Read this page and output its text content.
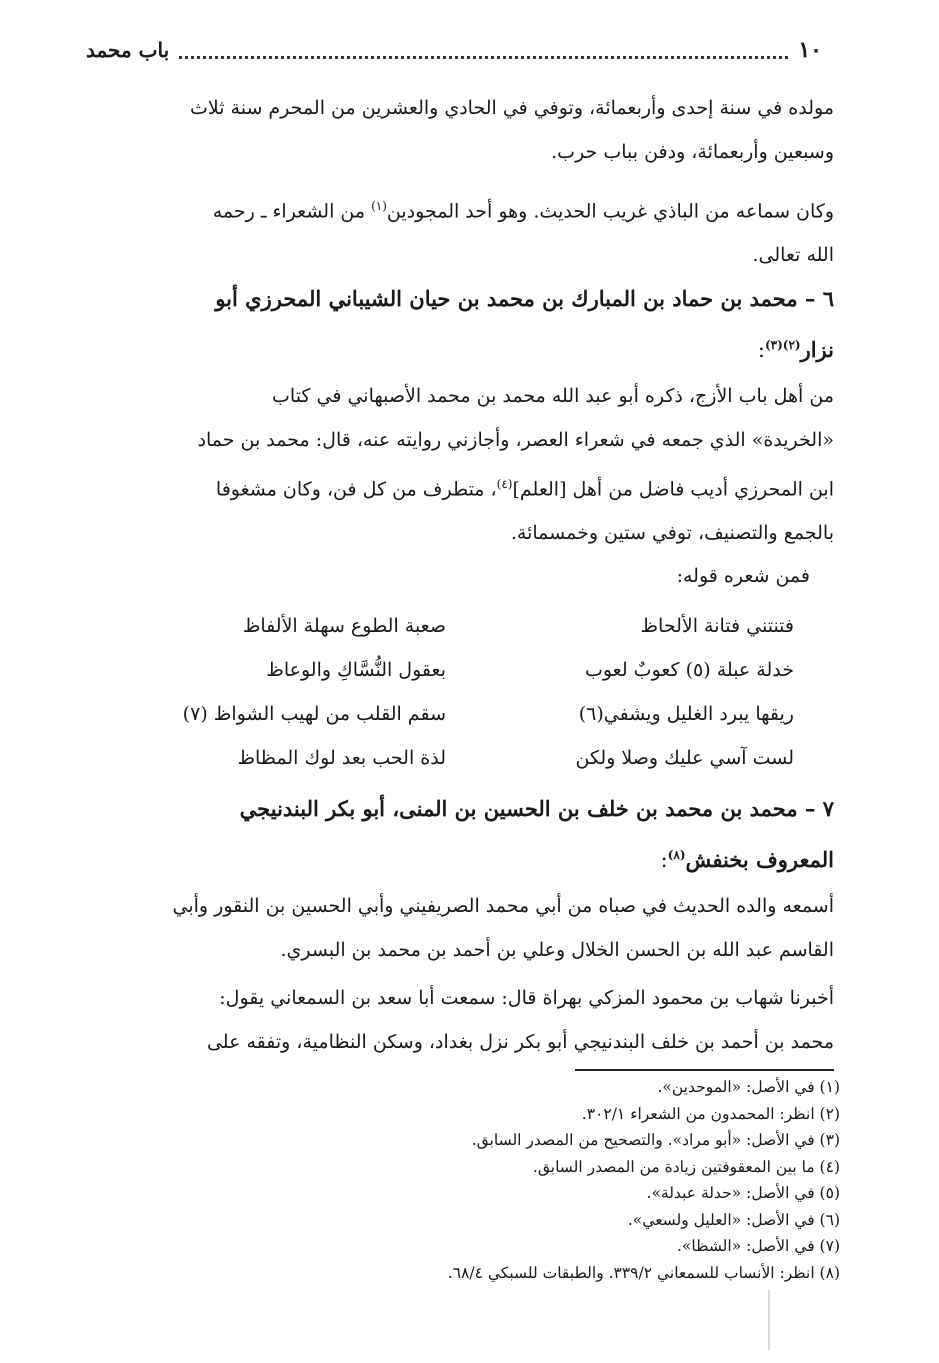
١٠
باب محمد
مولده في سنة إحدى وأربعمائة، وتوفي في الحادي والعشرين من المحرم سنة ثلاث
وسبعين وأربعمائة، ودفن بباب حرب.
وكان سماعه من الباذي غريب الحديث. وهو أحد المجودين$^{(١)}$ من الشعراء ـ رحمه
الله تعالى.
٦ – محمد بن حماد بن المبارك بن محمد بن حيان الشيباني المحرزي أبو
نزار$^{(٢)(٣)}$:
من أهل باب الأزج، ذكره أبو عبد الله محمد بن محمد الأصبهاني في كتاب
«الخريدة» الذي جمعه في شعراء العصر، وأجازني روايته عنه، قال: محمد بن حماد
ابن المحرزي أديب فاضل من أهل [العلم]$^{(٤)}$، متطرف من كل فن، وكان مشغوفا
بالجمع والتصنيف، توفي ستين وخمسمائة.
فمن شعره قوله:
فتنتني فتانة الألحاظ
صعبة الطوع سهلة الألفاظ
خدلة عبلة (٥) كعوبٌ لعوب
بعقول النُّسَّاكِ والوعاظ
ريقها يبرد الغليل ويشفي(٦)
سقم القلب من لهيب الشواظ (٧)
لست آسي عليك وصلا ولكن
لذة الحب بعد لوك المظاظ
٧ – محمد بن محمد بن خلف بن الحسين بن المنى، أبو بكر البندنيجي
المعروف بخنفش$^{(٨)}$:
أسمعه والده الحديث في صباه من أبي محمد الصريفيني وأبي الحسين بن النقور وأبي
القاسم عبد الله بن الحسن الخلال وعلي بن أحمد بن محمد بن البسري.
أخبرنا شهاب بن محمود المزكي بهراة قال: سمعت أبا سعد بن السمعاني يقول:
محمد بن أحمد بن خلف البندنيجي أبو بكر نزل بغداد، وسكن النظامية، وتفقه على
(١) في الأصل: «الموحدين».
(٢) انظر: المحمدون من الشعراء ٣٠٢/١.
(٣) في الأصل: «أبو مراد». والتصحيح من المصدر السابق.
(٤) ما بين المعقوفتين زيادة من المصدر السابق.
(٥) في الأصل: «حدلة عبدلة».
(٦) في الأصل: «العليل ولسعي».
(٧) في الأصل: «الشظا».
(٨) انظر: الأنساب للسمعاني ٣٣٩/٢. والطبقات للسبكي ٦٨/٤.
